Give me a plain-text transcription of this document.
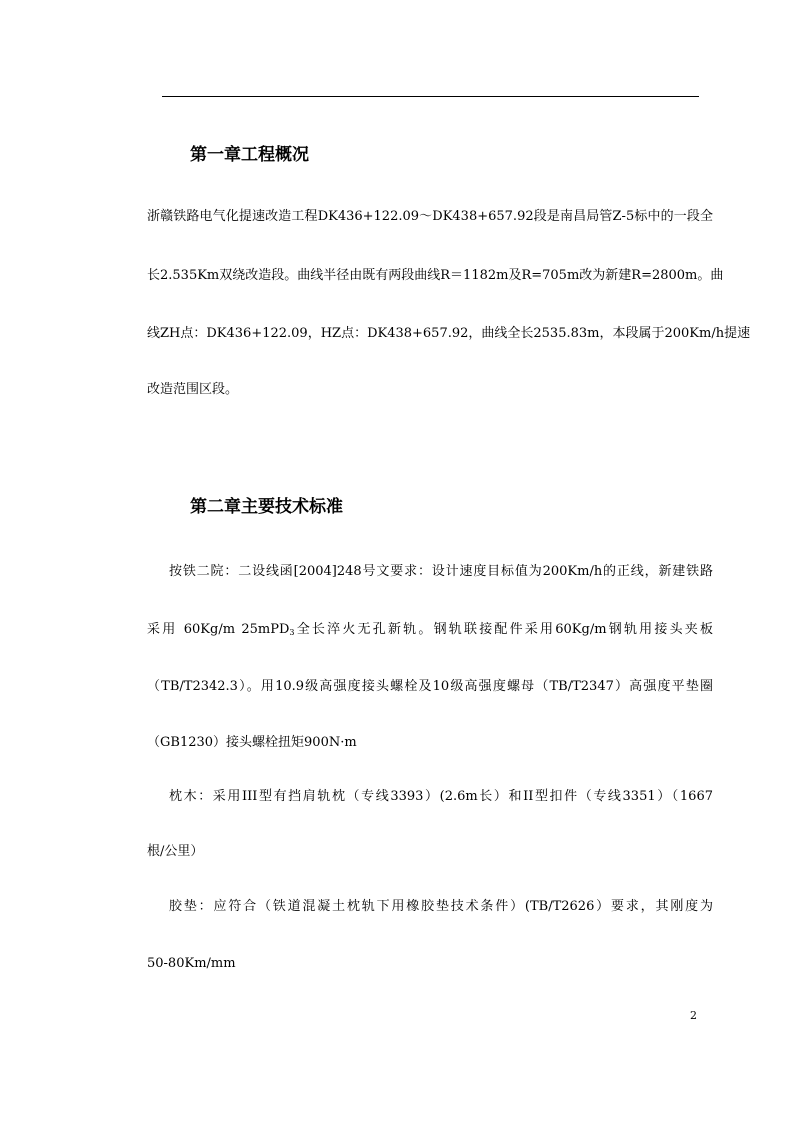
第一章工程概况

浙赣铁路电气化提速改造工程DK436+122.09～DK438+657.92段是南昌局管Z-5标中的一段全

长2.535Km双绕改造段。曲线半径由既有两段曲线R＝1182m及R=705m改为新建R=2800m。曲

线ZH点：DK436+122.09，HZ点：DK438+657.92，曲线全长2535.83m，本段属于200Km/h提速

改造范围区段。

第二章主要技术标准

按铁二院：二设线函[2004]248号文要求：设计速度目标值为200Km/h的正线，新建铁路

采用 60Kg/m 25mPD$_3$全长淬火无孔新轨。钢轨联接配件采用60Kg/m钢轨用接头夹板

（TB/T2342.3）。用10.9级高强度接头螺栓及10级高强度螺母（TB/T2347）高强度平垫圈

（GB1230）接头螺栓扭矩900N·m

枕木：采用III型有挡肩轨枕（专线3393）(2.6m长）和II型扣件（专线3351）（1667

根/公里）

胶垫：应符合（铁道混凝土枕轨下用橡胶垫技术条件）(TB/T2626）要求，其刚度为

50-80Km/mm

2
